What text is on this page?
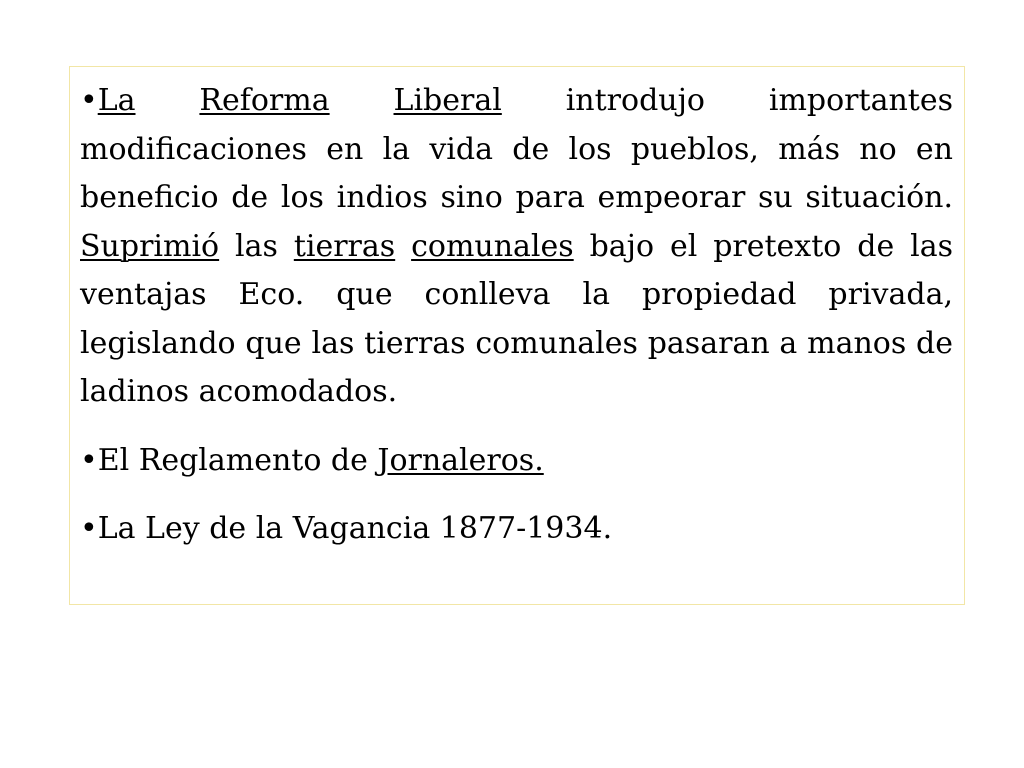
•La Reforma Liberal introdujo importantes modificaciones en la vida de los pueblos, más no en beneficio de los indios sino para empeorar su situación. Suprimió las tierras comunales bajo el pretexto de las ventajas Eco. que conlleva la propiedad privada, legislando que las tierras comunales pasaran a manos de ladinos acomodados.

•El Reglamento de Jornaleros.

•La Ley de la Vagancia 1877-1934.
